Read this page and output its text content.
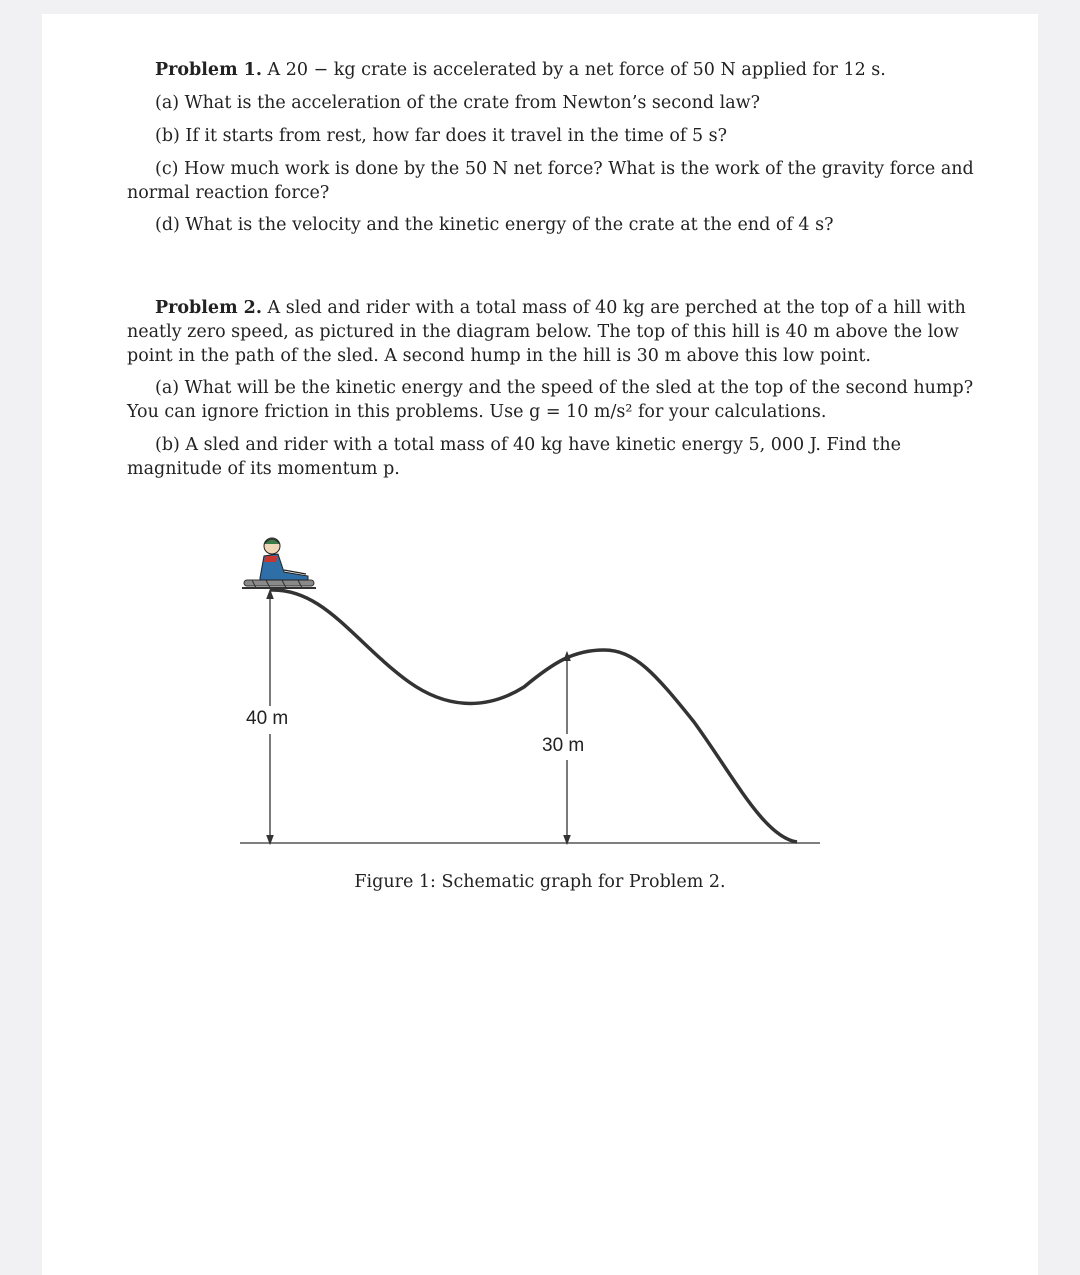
Problem 1. A 20 − kg crate is accelerated by a net force of 50 N applied for 12 s.

(a) What is the acceleration of the crate from Newton’s second law?

(b) If it starts from rest, how far does it travel in the time of 5 s?

(c) How much work is done by the 50 N net force? What is the work of the gravity force and normal reaction force?

(d) What is the velocity and the kinetic energy of the crate at the end of 4 s?

Problem 2. A sled and rider with a total mass of 40 kg are perched at the top of a hill with neatly zero speed, as pictured in the diagram below. The top of this hill is 40 m above the low point in the path of the sled. A second hump in the hill is 30 m above this low point.

(a) What will be the kinetic energy and the speed of the sled at the top of the second hump? You can ignore friction in this problems. Use g = 10 m/s² for your calculations.

(b) A sled and rider with a total mass of 40 kg have kinetic energy 5, 000 J. Find the magnitude of its momentum p.

40 m
30 m
Figure 1: Schematic graph for Problem 2.
